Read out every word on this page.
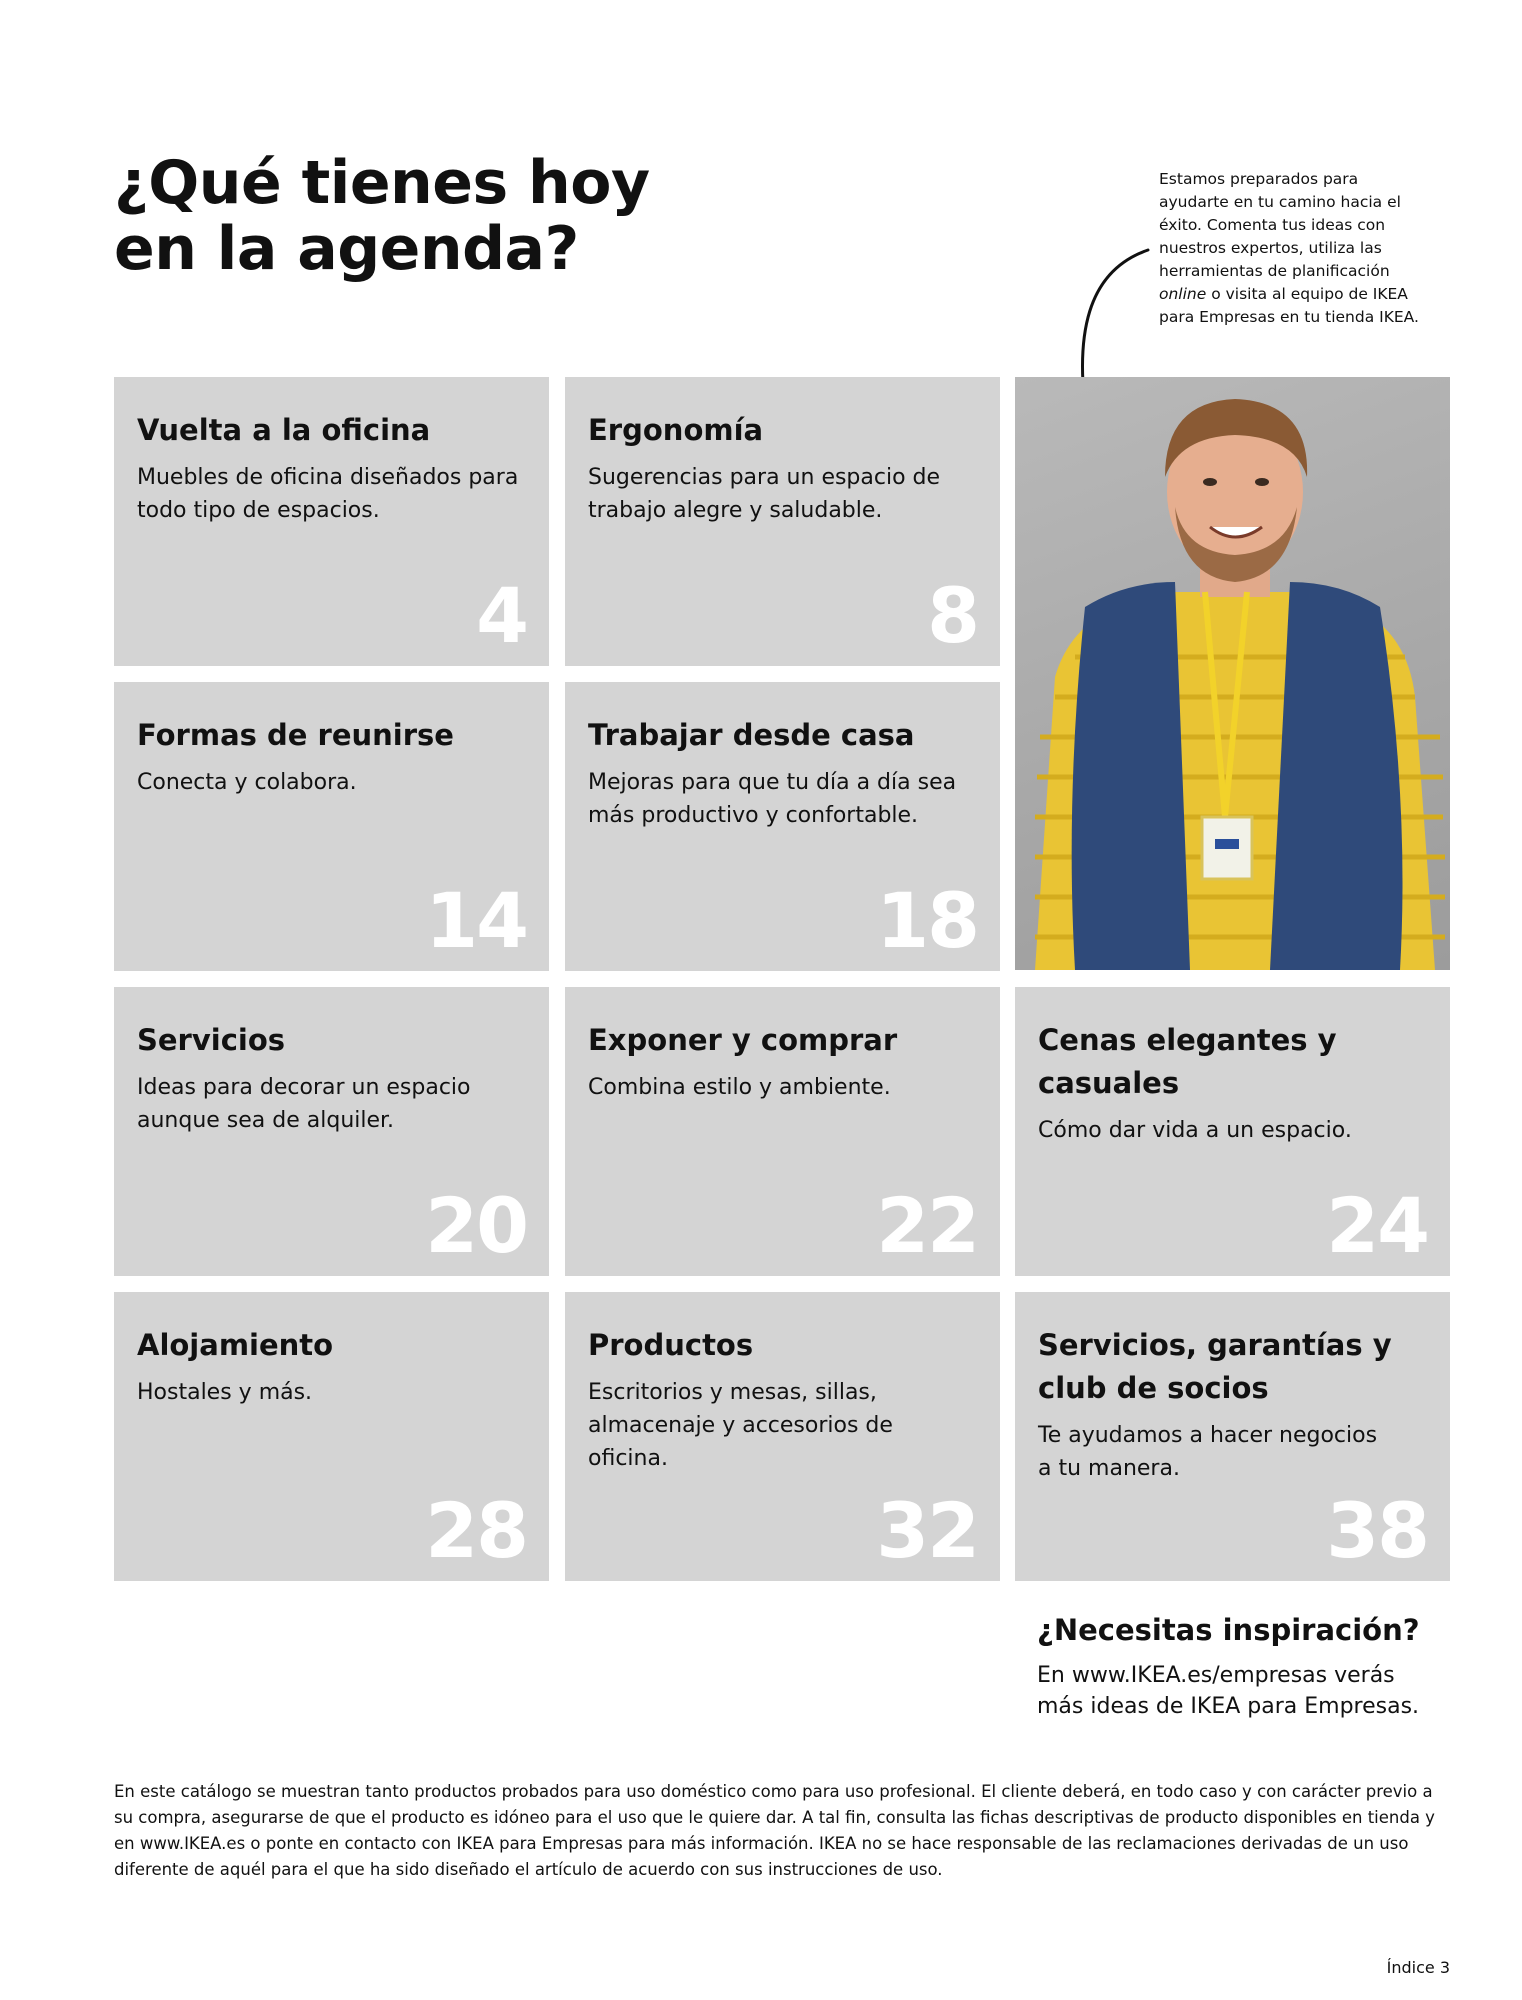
¿Qué tienes hoy
en la agenda?
Estamos preparados para ayudarte en tu camino hacia el éxito. Comenta tus ideas con nuestros expertos, utiliza las herramientas de planificación online o visita al equipo de IKEA para Empresas en tu tienda IKEA.
Vuelta a la oficina
Muebles de oficina diseñados para todo tipo de espacios.
4
Ergonomía
Sugerencias para un espacio de trabajo alegre y saludable.
8
Formas de reunirse
Conecta y colabora.
14
Trabajar desde casa
Mejoras para que tu día a día sea más productivo y confortable.
18
Servicios
Ideas para decorar un espacio aunque sea de alquiler.
20
Exponer y comprar
Combina estilo y ambiente.
22
Cenas elegantes y casuales
Cómo dar vida a un espacio.
24
Alojamiento
Hostales y más.
28
Productos
Escritorios y mesas, sillas, almacenaje y accesorios de oficina.
32
Servicios, garantías y club de socios
Te ayudamos a hacer negocios a tu manera.
38
¿Necesitas inspiración?
En www.IKEA.es/empresas verás más ideas de IKEA para Empresas.
En este catálogo se muestran tanto productos probados para uso doméstico como para uso profesional. El cliente deberá, en todo caso y con carácter previo a su compra, asegurarse de que el producto es idóneo para el uso que le quiere dar. A tal fin, consulta las fichas descriptivas de producto disponibles en tienda y en www.IKEA.es o ponte en contacto con IKEA para Empresas para más información. IKEA no se hace responsable de las reclamaciones derivadas de un uso diferente de aquél para el que ha sido diseñado el artículo de acuerdo con sus instrucciones de uso.
Índice 3
